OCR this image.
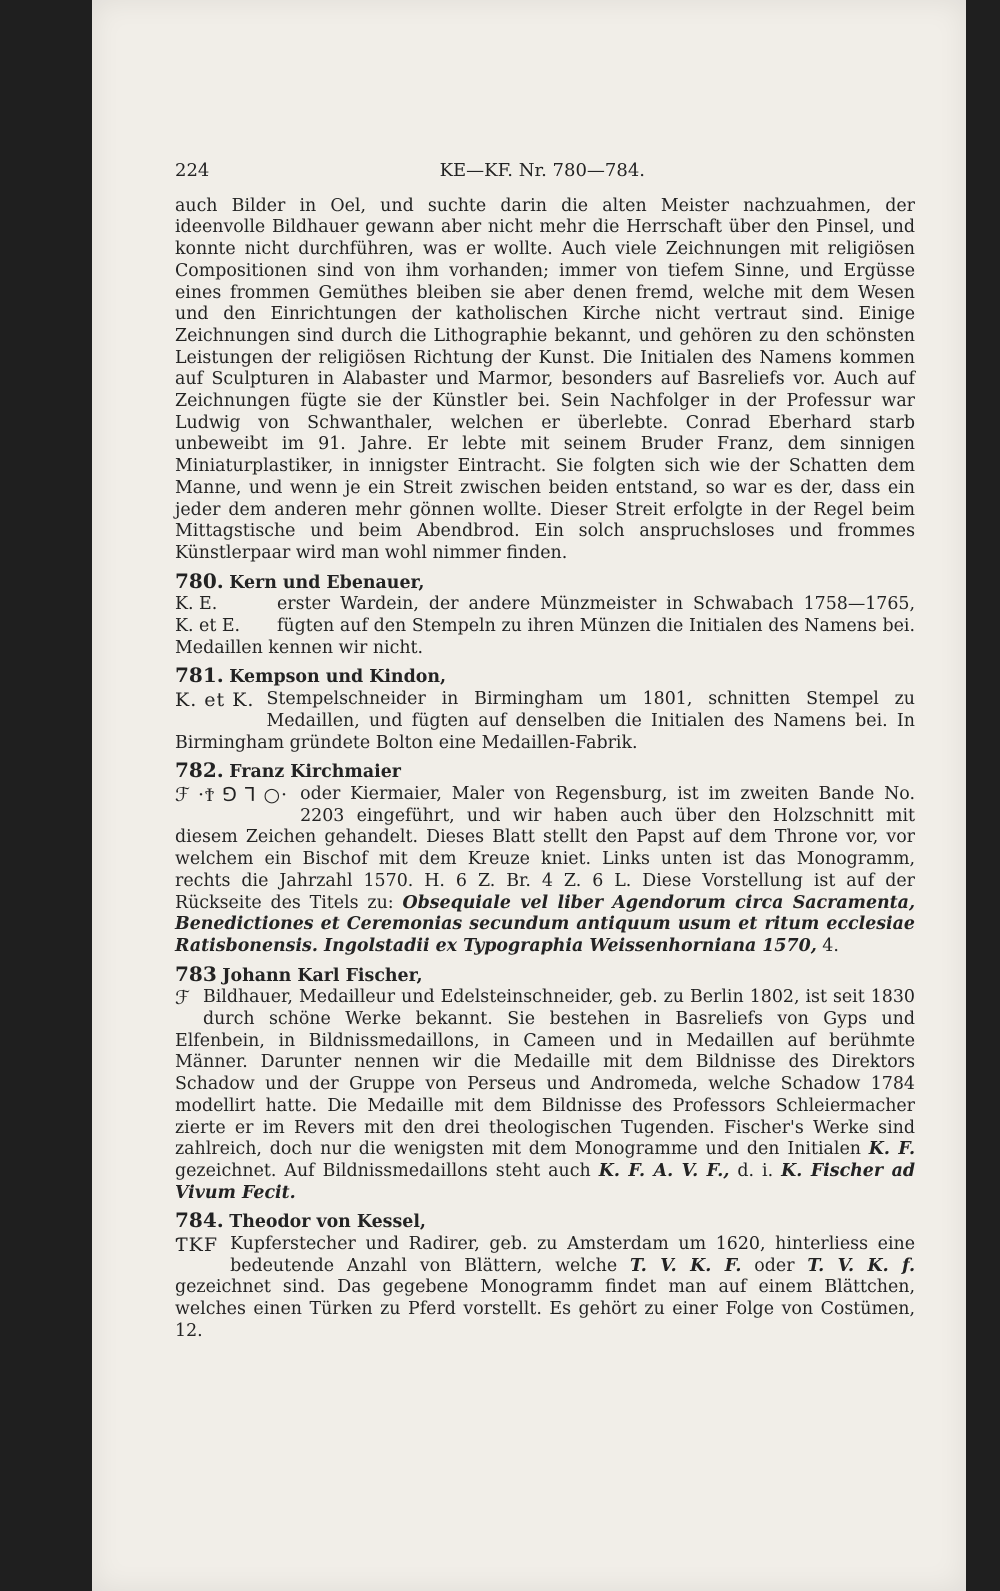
224	KE—KF. Nr. 780—784.

auch Bilder in Oel, und suchte darin die alten Meister nachzuahmen, der ideenvolle Bildhauer gewann aber nicht mehr die Herrschaft über den Pinsel, und konnte nicht durchführen, was er wollte. Auch viele Zeichnungen mit religiösen Compositionen sind von ihm vorhanden; immer von tiefem Sinne, und Ergüsse eines frommen Gemüthes bleiben sie aber denen fremd, welche mit dem Wesen und den Einrichtungen der katholischen Kirche nicht vertraut sind. Einige Zeichnungen sind durch die Lithographie bekannt, und gehören zu den schönsten Leistungen der religiösen Richtung der Kunst. Die Initialen des Namens kommen auf Sculpturen in Alabaster und Marmor, besonders auf Basreliefs vor. Auch auf Zeichnungen fügte sie der Künstler bei. Sein Nachfolger in der Professur war Ludwig von Schwanthaler, welchen er überlebte. Conrad Eberhard starb unbeweibt im 91. Jahre. Er lebte mit seinem Bruder Franz, dem sinnigen Miniaturplastiker, in innigster Eintracht. Sie folgten sich wie der Schatten dem Manne, und wenn je ein Streit zwischen beiden entstand, so war es der, dass ein jeder dem anderen mehr gönnen wollte. Dieser Streit erfolgte in der Regel beim Mittagstische und beim Abendbrod. Ein solch anspruchsloses und frommes Künstlerpaar wird man wohl nimmer finden.

780. Kern und Ebenauer,
K. E.
K. et E.
erster Wardein, der andere Münzmeister in Schwabach 1758—1765, fügten auf den Stempeln zu ihren Münzen die Initialen des Namens bei. Medaillen kennen wir nicht.
781. Kempson und Kindon,
K. et K. Stempelschneider in Birmingham um 1801, schnitten Stempel zu Medaillen, und fügten auf denselben die Initialen des Namens bei. In Birmingham gründete Bolton eine Medaillen-Fabrik.
782. Franz Kirchmaier
ℱ ·Ϯ ⅁ ⅂ ○· oder Kiermaier, Maler von Regensburg, ist im zweiten Bande No. 2203 eingeführt, und wir haben auch über den Holzschnitt mit diesem Zeichen gehandelt. Dieses Blatt stellt den Papst auf dem Throne vor, vor welchem ein Bischof mit dem Kreuze kniet. Links unten ist das Monogramm, rechts die Jahrzahl 1570. H. 6 Z. Br. 4 Z. 6 L. Diese Vorstellung ist auf der Rückseite des Titels zu: Obsequiale vel liber Agendorum circa Sacramenta, Benedictiones et Ceremonias secundum antiquum usum et ritum ecclesiae Ratisbonensis. Ingolstadii ex Typographia Weissenhorniana 1570, 4.
783 Johann Karl Fischer,
ℱ Bildhauer, Medailleur und Edelsteinschneider, geb. zu Berlin 1802, ist seit 1830 durch schöne Werke bekannt. Sie bestehen in Basreliefs von Gyps und Elfenbein, in Bildnissmedaillons, in Cameen und in Medaillen auf berühmte Männer. Darunter nennen wir die Medaille mit dem Bildnisse des Direktors Schadow und der Gruppe von Perseus und Andromeda, welche Schadow 1784 modellirt hatte. Die Medaille mit dem Bildnisse des Professors Schleiermacher zierte er im Revers mit den drei theologischen Tugenden. Fischer's Werke sind zahlreich, doch nur die wenigsten mit dem Monogramme und den Initialen K. F. gezeichnet. Auf Bildnissmedaillons steht auch K. F. A. V. F., d. i. K. Fischer ad Vivum Fecit.
784. Theodor von Kessel,
ƬKF Kupferstecher und Radirer, geb. zu Amsterdam um 1620, hinterliess eine bedeutende Anzahl von Blättern, welche T. V. K. F. oder T. V. K. f. gezeichnet sind. Das gegebene Monogramm findet man auf einem Blättchen, welches einen Türken zu Pferd vorstellt. Es gehört zu einer Folge von Costümen, 12.
